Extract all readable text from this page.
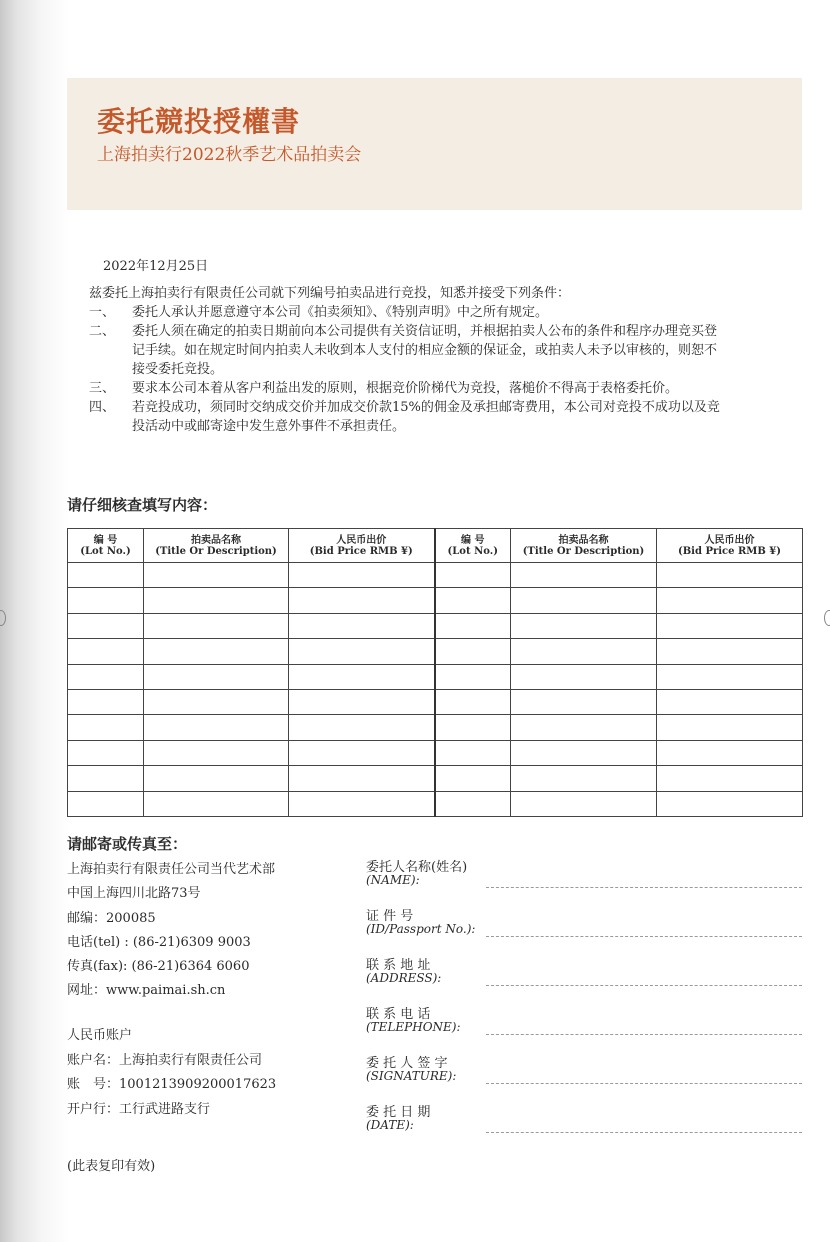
委托競投授權書
上海拍卖行2022秋季艺术品拍卖会
2022年12月25日
兹委托上海拍卖行有限责任公司就下列编号拍卖品进行竞投，知悉并接受下列条件：
一、	委托人承认并愿意遵守本公司《拍卖须知》、《特别声明》中之所有规定。
二、	委托人须在确定的拍卖日期前向本公司提供有关资信证明，并根据拍卖人公布的条件和程序办理竞买登记手续。如在规定时间内拍卖人未收到本人支付的相应金额的保证金，或拍卖人未予以审核的，则恕不接受委托竞投。
三、	要求本公司本着从客户利益出发的原则，根据竞价阶梯代为竞投，落槌价不得高于表格委托价。
四、	若竞投成功，须同时交纳成交价并加成交价款15%的佣金及承担邮寄费用，本公司对竞投不成功以及竞投活动中或邮寄途中发生意外事件不承担责任。
请仔细核查填写内容：
编 号
(Lot No.)	拍卖品名称
(Title Or Description)	人民币出价
(Bid Price RMB ¥)	编 号
(Lot No.)	拍卖品名称
(Title Or Description)	人民币出价
(Bid Price RMB ¥)

请邮寄或传真至：
上海拍卖行有限责任公司当代艺术部
中国上海四川北路73号
邮编：200085
电话(tel) : (86-21)6309 9003
传真(fax): (86-21)6364 6060
网址：www.paimai.sh.cn
人民币账户
账户名：上海拍卖行有限责任公司
账　号：1001213909200017623
开户行：工行武进路支行
(此表复印有效)
委托人名称(姓名)
(NAME):
证 件 号
(ID/Passport No.):
联 系 地 址
(ADDRESS):
联 系 电 话
(TELEPHONE):
委 托 人 签 字
(SIGNATURE):
委 托 日 期
(DATE):
